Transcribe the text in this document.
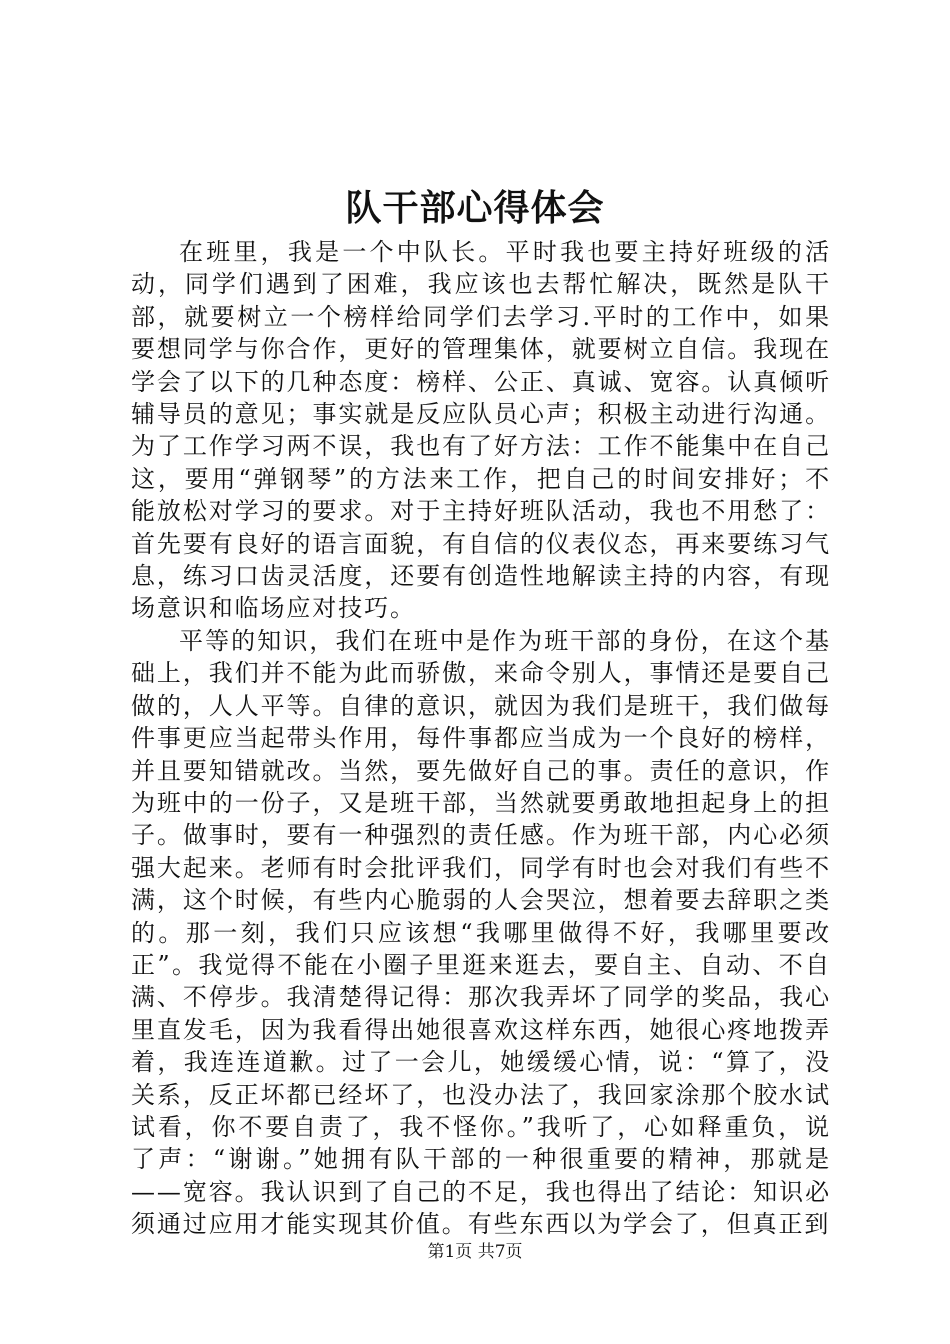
队干部心得体会

在班里，我是一个中队长。平时我也要主持好班级的活动，同学们遇到了困难，我应该也去帮忙解决，既然是队干部，就要树立一个榜样给同学们去学习.平时的工作中，如果要想同学与你合作，更好的管理集体，就要树立自信。我现在学会了以下的几种态度：榜样、公正、真诚、宽容。认真倾听辅导员的意见；事实就是反应队员心声；积极主动进行沟通。为了工作学习两不误，我也有了好方法：工作不能集中在自己这，要用“弹钢琴”的方法来工作，把自己的时间安排好；不能放松对学习的要求。对于主持好班队活动，我也不用愁了：首先要有良好的语言面貌，有自信的仪表仪态，再来要练习气息，练习口齿灵活度，还要有创造性地解读主持的内容，有现场意识和临场应对技巧。

平等的知识，我们在班中是作为班干部的身份，在这个基础上，我们并不能为此而骄傲，来命令别人，事情还是要自己做的，人人平等。自律的意识，就因为我们是班干，我们做每件事更应当起带头作用，每件事都应当成为一个良好的榜样，并且要知错就改。当然，要先做好自己的事。责任的意识，作为班中的一份子，又是班干部，当然就要勇敢地担起身上的担子。做事时，要有一种强烈的责任感。作为班干部，内心必须强大起来。老师有时会批评我们，同学有时也会对我们有些不满，这个时候，有些内心脆弱的人会哭泣，想着要去辞职之类的。那一刻，我们只应该想“我哪里做得不好，我哪里要改正”。我觉得不能在小圈子里逛来逛去，要自主、自动、不自满、不停步。我清楚得记得：那次我弄坏了同学的奖品，我心里直发毛，因为我看得出她很喜欢这样东西，她很心疼地拨弄着，我连连道歉。过了一会儿，她缓缓心情，说：“算了，没关系，反正坏都已经坏了，也没办法了，我回家涂那个胶水试试看，你不要自责了，我不怪你。”我听了，心如释重负，说了声：“谢谢。”她拥有队干部的一种很重要的精神，那就是——宽容。我认识到了自己的不足，我也得出了结论：知识必须通过应用才能实现其价值。有些东西以为学会了，但真正到

第1页 共7页
